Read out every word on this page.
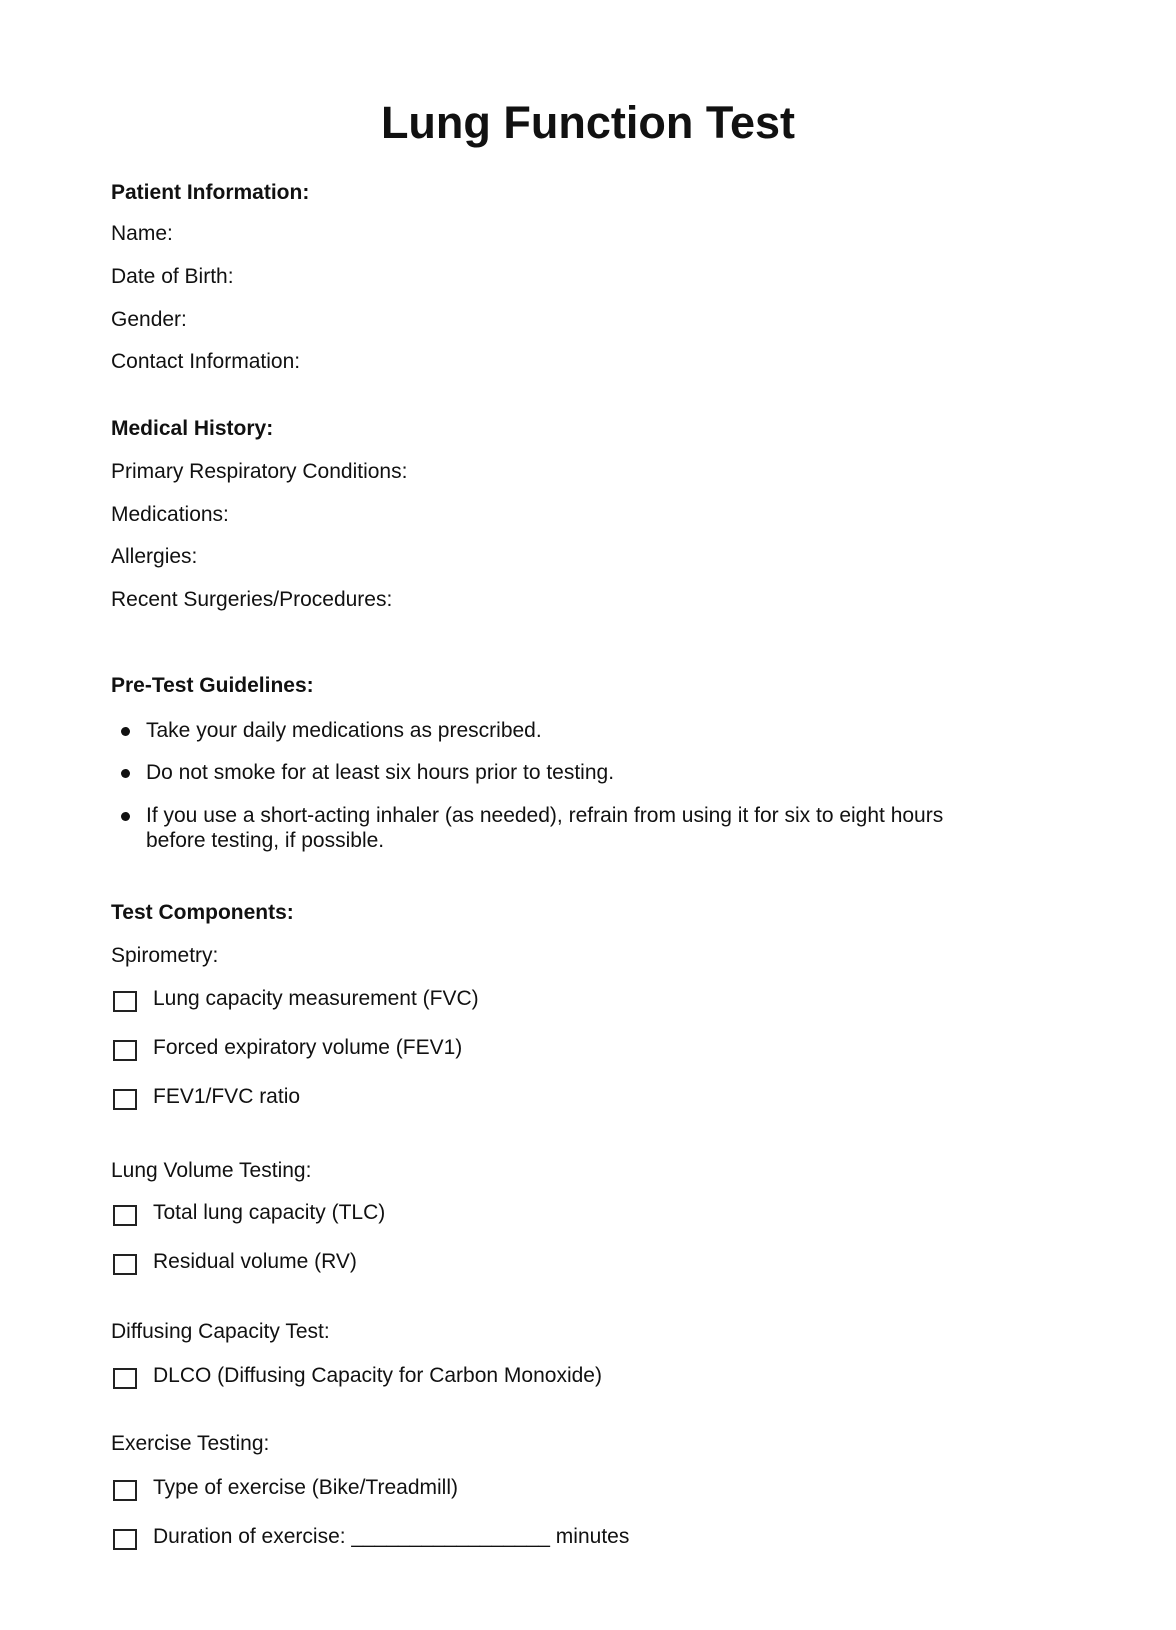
Lung Function Test
Patient Information:
Name:
Date of Birth:
Gender:
Contact Information:
Medical History:
Primary Respiratory Conditions:
Medications:
Allergies:
Recent Surgeries/Procedures:
Pre-Test Guidelines:
Take your daily medications as prescribed.
Do not smoke for at least six hours prior to testing.
If you use a short-acting inhaler (as needed), refrain from using it for six to eight hours
before testing, if possible.
Test Components:
Spirometry:
Lung capacity measurement (FVC)
Forced expiratory volume (FEV1)
FEV1/FVC ratio
Lung Volume Testing:
Total lung capacity (TLC)
Residual volume (RV)
Diffusing Capacity Test:
DLCO (Diffusing Capacity for Carbon Monoxide)
Exercise Testing:
Type of exercise (Bike/Treadmill)
Duration of exercise: _________________ minutes
